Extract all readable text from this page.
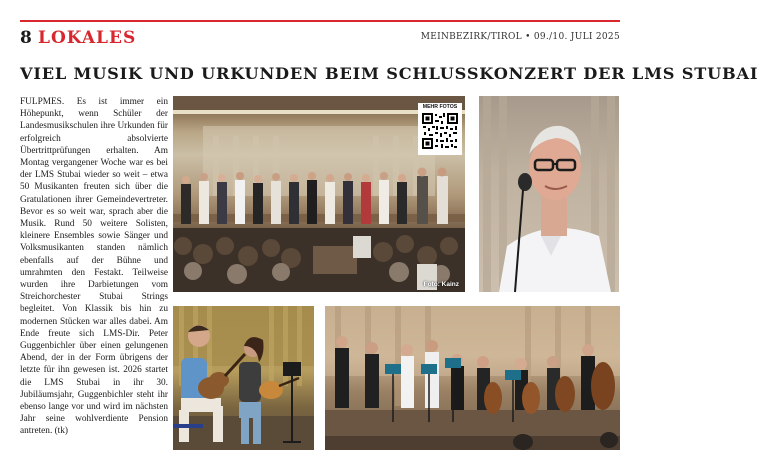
8 LOKALES	MEINBEZIRK/TIROL • 09./10. JULI 2025
VIEL MUSIK UND URKUNDEN BEIM SCHLUSSKONZERT DER LMS STUBAI
FULPMES. Es ist immer ein Höhepunkt, wenn Schüler der Landesmusikschulen ihre Urkunden für erfolgreich absolvierte Übertrittprüfungen erhalten. Am Montag vergangener Woche war es bei der LMS Stubai wieder so weit – etwa 50 Musikanten freuten sich über die Gratulationen ihrer Gemeindevertreter. Bevor es so weit war, sprach aber die Musik. Rund 50 weitere Solisten, kleinere Ensembles sowie Sänger und Volksmusikanten standen nämlich ebenfalls auf der Bühne und umrahmten den Festakt. Teilweise wurden ihre Darbietungen vom Streichorchester Stubai Strings begleitet. Von Klassik bis hin zu modernen Stücken war alles dabei. Am Ende freute sich LMS-Dir. Peter Guggenbichler über einen gelungenen Abend, der in der Form übrigens der letzte für ihn gewesen ist. 2026 startet die LMS Stubai in ihr 30. Jubiläumsjahr, Guggenbichler steht ihr ebenso lange vor und wird im nächsten Jahr seine wohlverdiente Pension antreten. (tk)
MEHR FOTOS
Foto: Kainz
